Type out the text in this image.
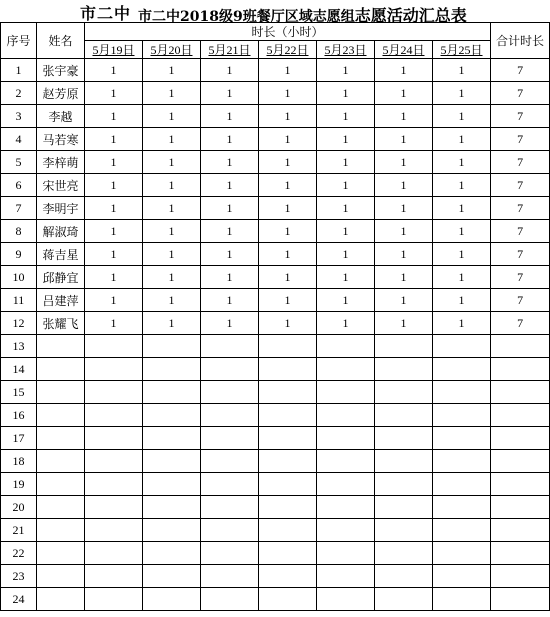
市二中 市二中2018级9班餐厅区域志愿组志愿活动汇总表
序号	姓名	时长（小时）							合计时长
		5月19日	5月20日	5月21日	5月22日	5月23日	5月24日	5月25日	
1	张宇豪	1	1	1	1	1	1	1	7
2	赵芳原	1	1	1	1	1	1	1	7
3	李越	1	1	1	1	1	1	1	7
4	马若寒	1	1	1	1	1	1	1	7
5	李梓萌	1	1	1	1	1	1	1	7
6	宋世亮	1	1	1	1	1	1	1	7
7	李明宇	1	1	1	1	1	1	1	7
8	解淑琦	1	1	1	1	1	1	1	7
9	蒋吉星	1	1	1	1	1	1	1	7
10	邱静宜	1	1	1	1	1	1	1	7
11	吕建萍	1	1	1	1	1	1	1	7
12	张耀飞	1	1	1	1	1	1	1	7
13									
14									
15									
16									
17									
18									
19									
20									
21									
22									
23									
24									
